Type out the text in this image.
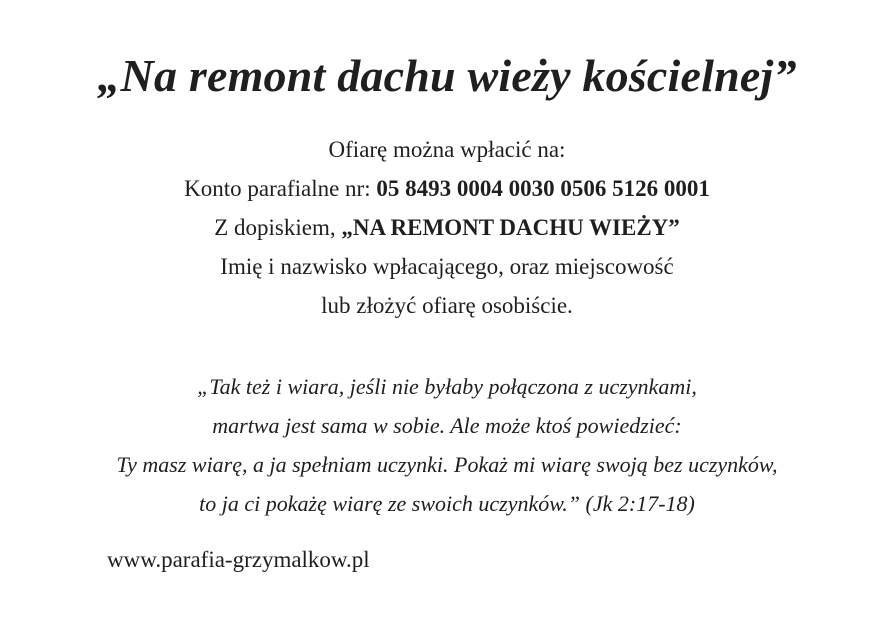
„Na remont dachu wieży kościelnej”
Ofiarę można wpłacić na:
Konto parafialne nr: 05 8493 0004 0030 0506 5126 0001
Z dopiskiem, „NA REMONT DACHU WIEŻY”
Imię i nazwisko wpłacającego, oraz miejscowość
lub złożyć ofiarę osobiście.
„Tak też i wiara, jeśli nie byłaby połączona z uczynkami,
martwa jest sama w sobie. Ale może ktoś powiedzieć:
Ty masz wiarę, a ja spełniam uczynki. Pokaż mi wiarę swoją bez uczynków,
to ja ci pokażę wiarę ze swoich uczynków.” (Jk 2:17-18)
www.parafia-grzymalkow.pl
